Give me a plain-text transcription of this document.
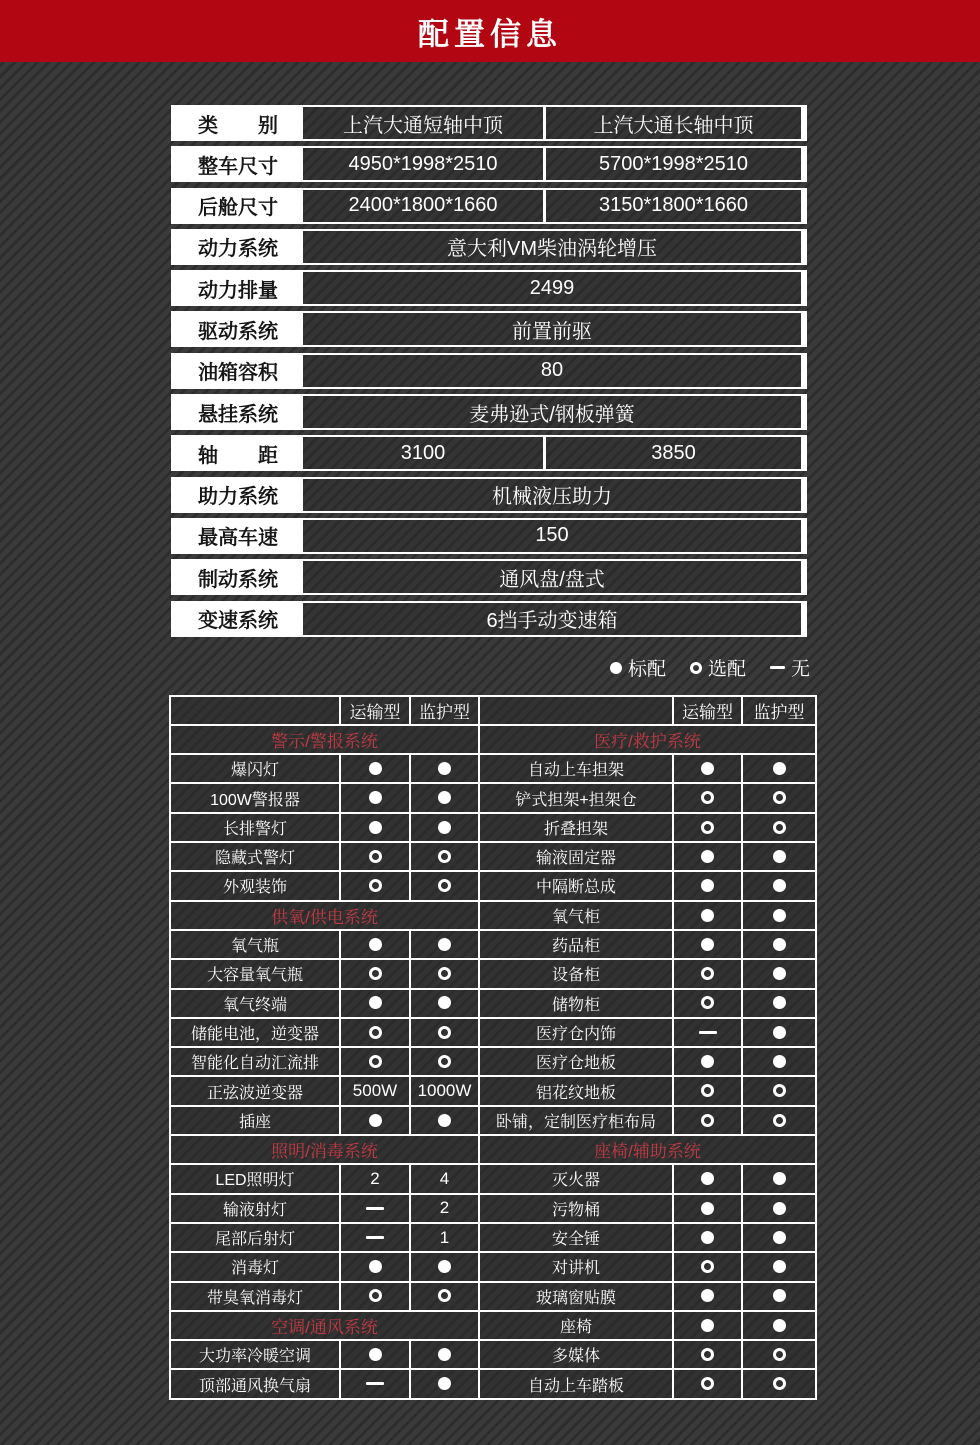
配置信息
类　　别	上汽大通短轴中顶	上汽大通长轴中顶
整车尺寸	4950*1998*2510	5700*1998*2510
后舱尺寸	2400*1800*1660	3150*1800*1660
动力系统	意大利VM柴油涡轮增压
动力排量	2499
驱动系统	前置前驱
油箱容积	80
悬挂系统	麦弗逊式/钢板弹簧
轴　　距	3100	3850
助力系统	机械液压助力
最高车速	150
制动系统	通风盘/盘式
变速系统	6挡手动变速箱
标配 选配 无
	运输型	监护型		运输型	监护型
警示/警报系统			医疗/救护系统		
爆闪灯			自动上车担架		
100W警报器			铲式担架+担架仓		
长排警灯			折叠担架		
隐藏式警灯			输液固定器		
外观装饰			中隔断总成		
供氧/供电系统			氧气柜		
氧气瓶			药品柜		
大容量氧气瓶			设备柜		
氧气终端			储物柜		
储能电池，逆变器			医疗仓内饰		
智能化自动汇流排			医疗仓地板		
正弦波逆变器	500W	1000W	铝花纹地板		
插座			卧铺，定制医疗柜布局		
照明/消毒系统			座椅/辅助系统		
LED照明灯	2	4	灭火器		
输液射灯		2	污物桶		
尾部后射灯		1	安全锤		
消毒灯			对讲机		
带臭氧消毒灯			玻璃窗贴膜		
空调/通风系统			座椅		
大功率冷暖空调			多媒体		
顶部通风换气扇			自动上车踏板		
